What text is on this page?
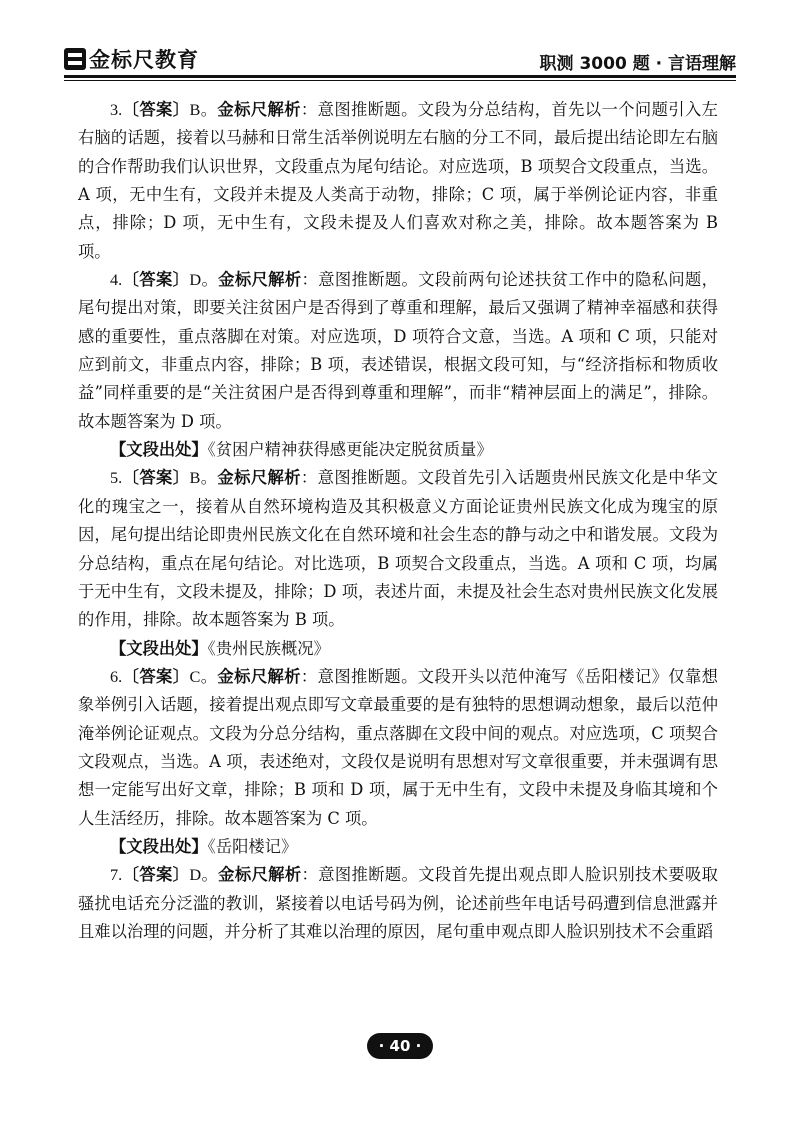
金标尺教育	职测 3000 题 · 言语理解

3.〔答案〕B。金标尺解析：意图推断题。文段为分总结构，首先以一个问题引入左右脑的话题，接着以马赫和日常生活举例说明左右脑的分工不同，最后提出结论即左右脑的合作帮助我们认识世界，文段重点为尾句结论。对应选项，B 项契合文段重点，当选。A 项，无中生有，文段并未提及人类高于动物，排除；C 项，属于举例论证内容，非重点，排除；D 项，无中生有，文段未提及人们喜欢对称之美，排除。故本题答案为 B 项。

4.〔答案〕D。金标尺解析：意图推断题。文段前两句论述扶贫工作中的隐私问题，尾句提出对策，即要关注贫困户是否得到了尊重和理解，最后又强调了精神幸福感和获得感的重要性，重点落脚在对策。对应选项，D 项符合文意，当选。A 项和 C 项，只能对应到前文，非重点内容，排除；B 项，表述错误，根据文段可知，与“经济指标和物质收益”同样重要的是“关注贫困户是否得到尊重和理解”，而非“精神层面上的满足”，排除。故本题答案为 D 项。

【文段出处】《贫困户精神获得感更能决定脱贫质量》

5.〔答案〕B。金标尺解析：意图推断题。文段首先引入话题贵州民族文化是中华文化的瑰宝之一，接着从自然环境构造及其积极意义方面论证贵州民族文化成为瑰宝的原因，尾句提出结论即贵州民族文化在自然环境和社会生态的静与动之中和谐发展。文段为分总结构，重点在尾句结论。对比选项，B 项契合文段重点，当选。A 项和 C 项，均属于无中生有，文段未提及，排除；D 项，表述片面，未提及社会生态对贵州民族文化发展的作用，排除。故本题答案为 B 项。

【文段出处】《贵州民族概况》

6.〔答案〕C。金标尺解析：意图推断题。文段开头以范仲淹写《岳阳楼记》仅靠想象举例引入话题，接着提出观点即写文章最重要的是有独特的思想调动想象，最后以范仲淹举例论证观点。文段为分总分结构，重点落脚在文段中间的观点。对应选项，C 项契合文段观点，当选。A 项，表述绝对，文段仅是说明有思想对写文章很重要，并未强调有思想一定能写出好文章，排除；B 项和 D 项，属于无中生有，文段中未提及身临其境和个人生活经历，排除。故本题答案为 C 项。

【文段出处】《岳阳楼记》

7.〔答案〕D。金标尺解析：意图推断题。文段首先提出观点即人脸识别技术要吸取骚扰电话充分泛滥的教训，紧接着以电话号码为例，论述前些年电话号码遭到信息泄露并且难以治理的问题，并分析了其难以治理的原因，尾句重申观点即人脸识别技术不会重蹈

· 40 ·
